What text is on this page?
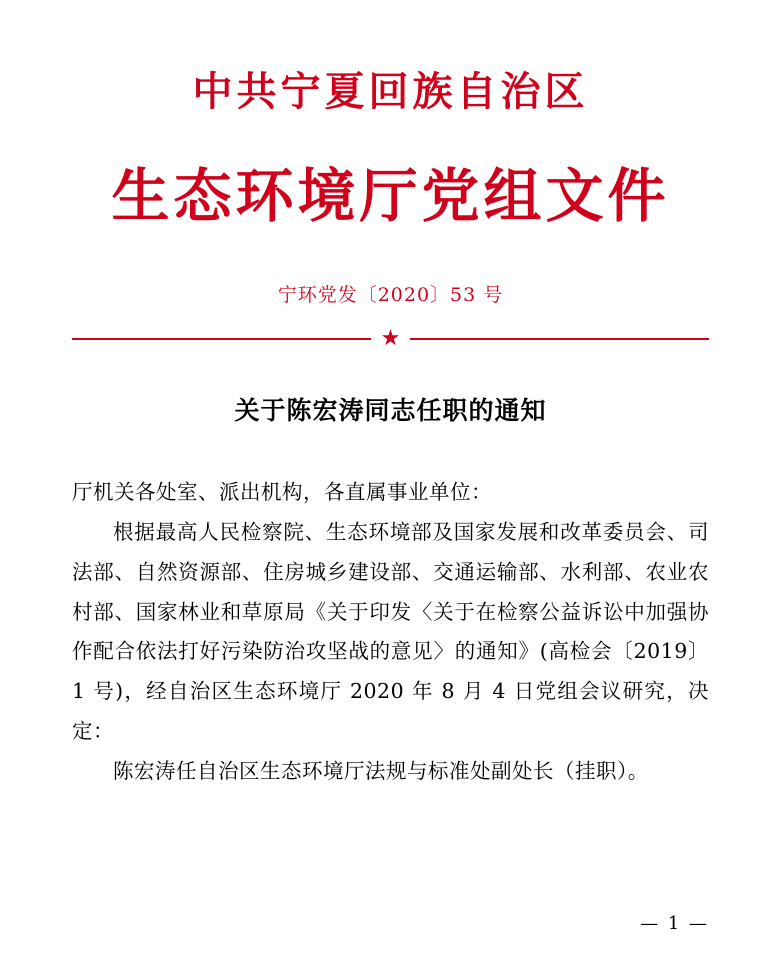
中共宁夏回族自治区
生态环境厅党组文件
宁环党发〔2020〕53 号
★
关于陈宏涛同志任职的通知

厅机关各处室、派出机构，各直属事业单位：

根据最高人民检察院、生态环境部及国家发展和改革委员会、司法部、自然资源部、住房城乡建设部、交通运输部、水利部、农业农村部、国家林业和草原局《关于印发〈关于在检察公益诉讼中加强协作配合依法打好污染防治攻坚战的意见〉的通知》(高检会〔2019〕1 号)，经自治区生态环境厅 2020 年 8 月 4 日党组会议研究，决定：

陈宏涛任自治区生态环境厅法规与标准处副处长（挂职）。

— 1 —
